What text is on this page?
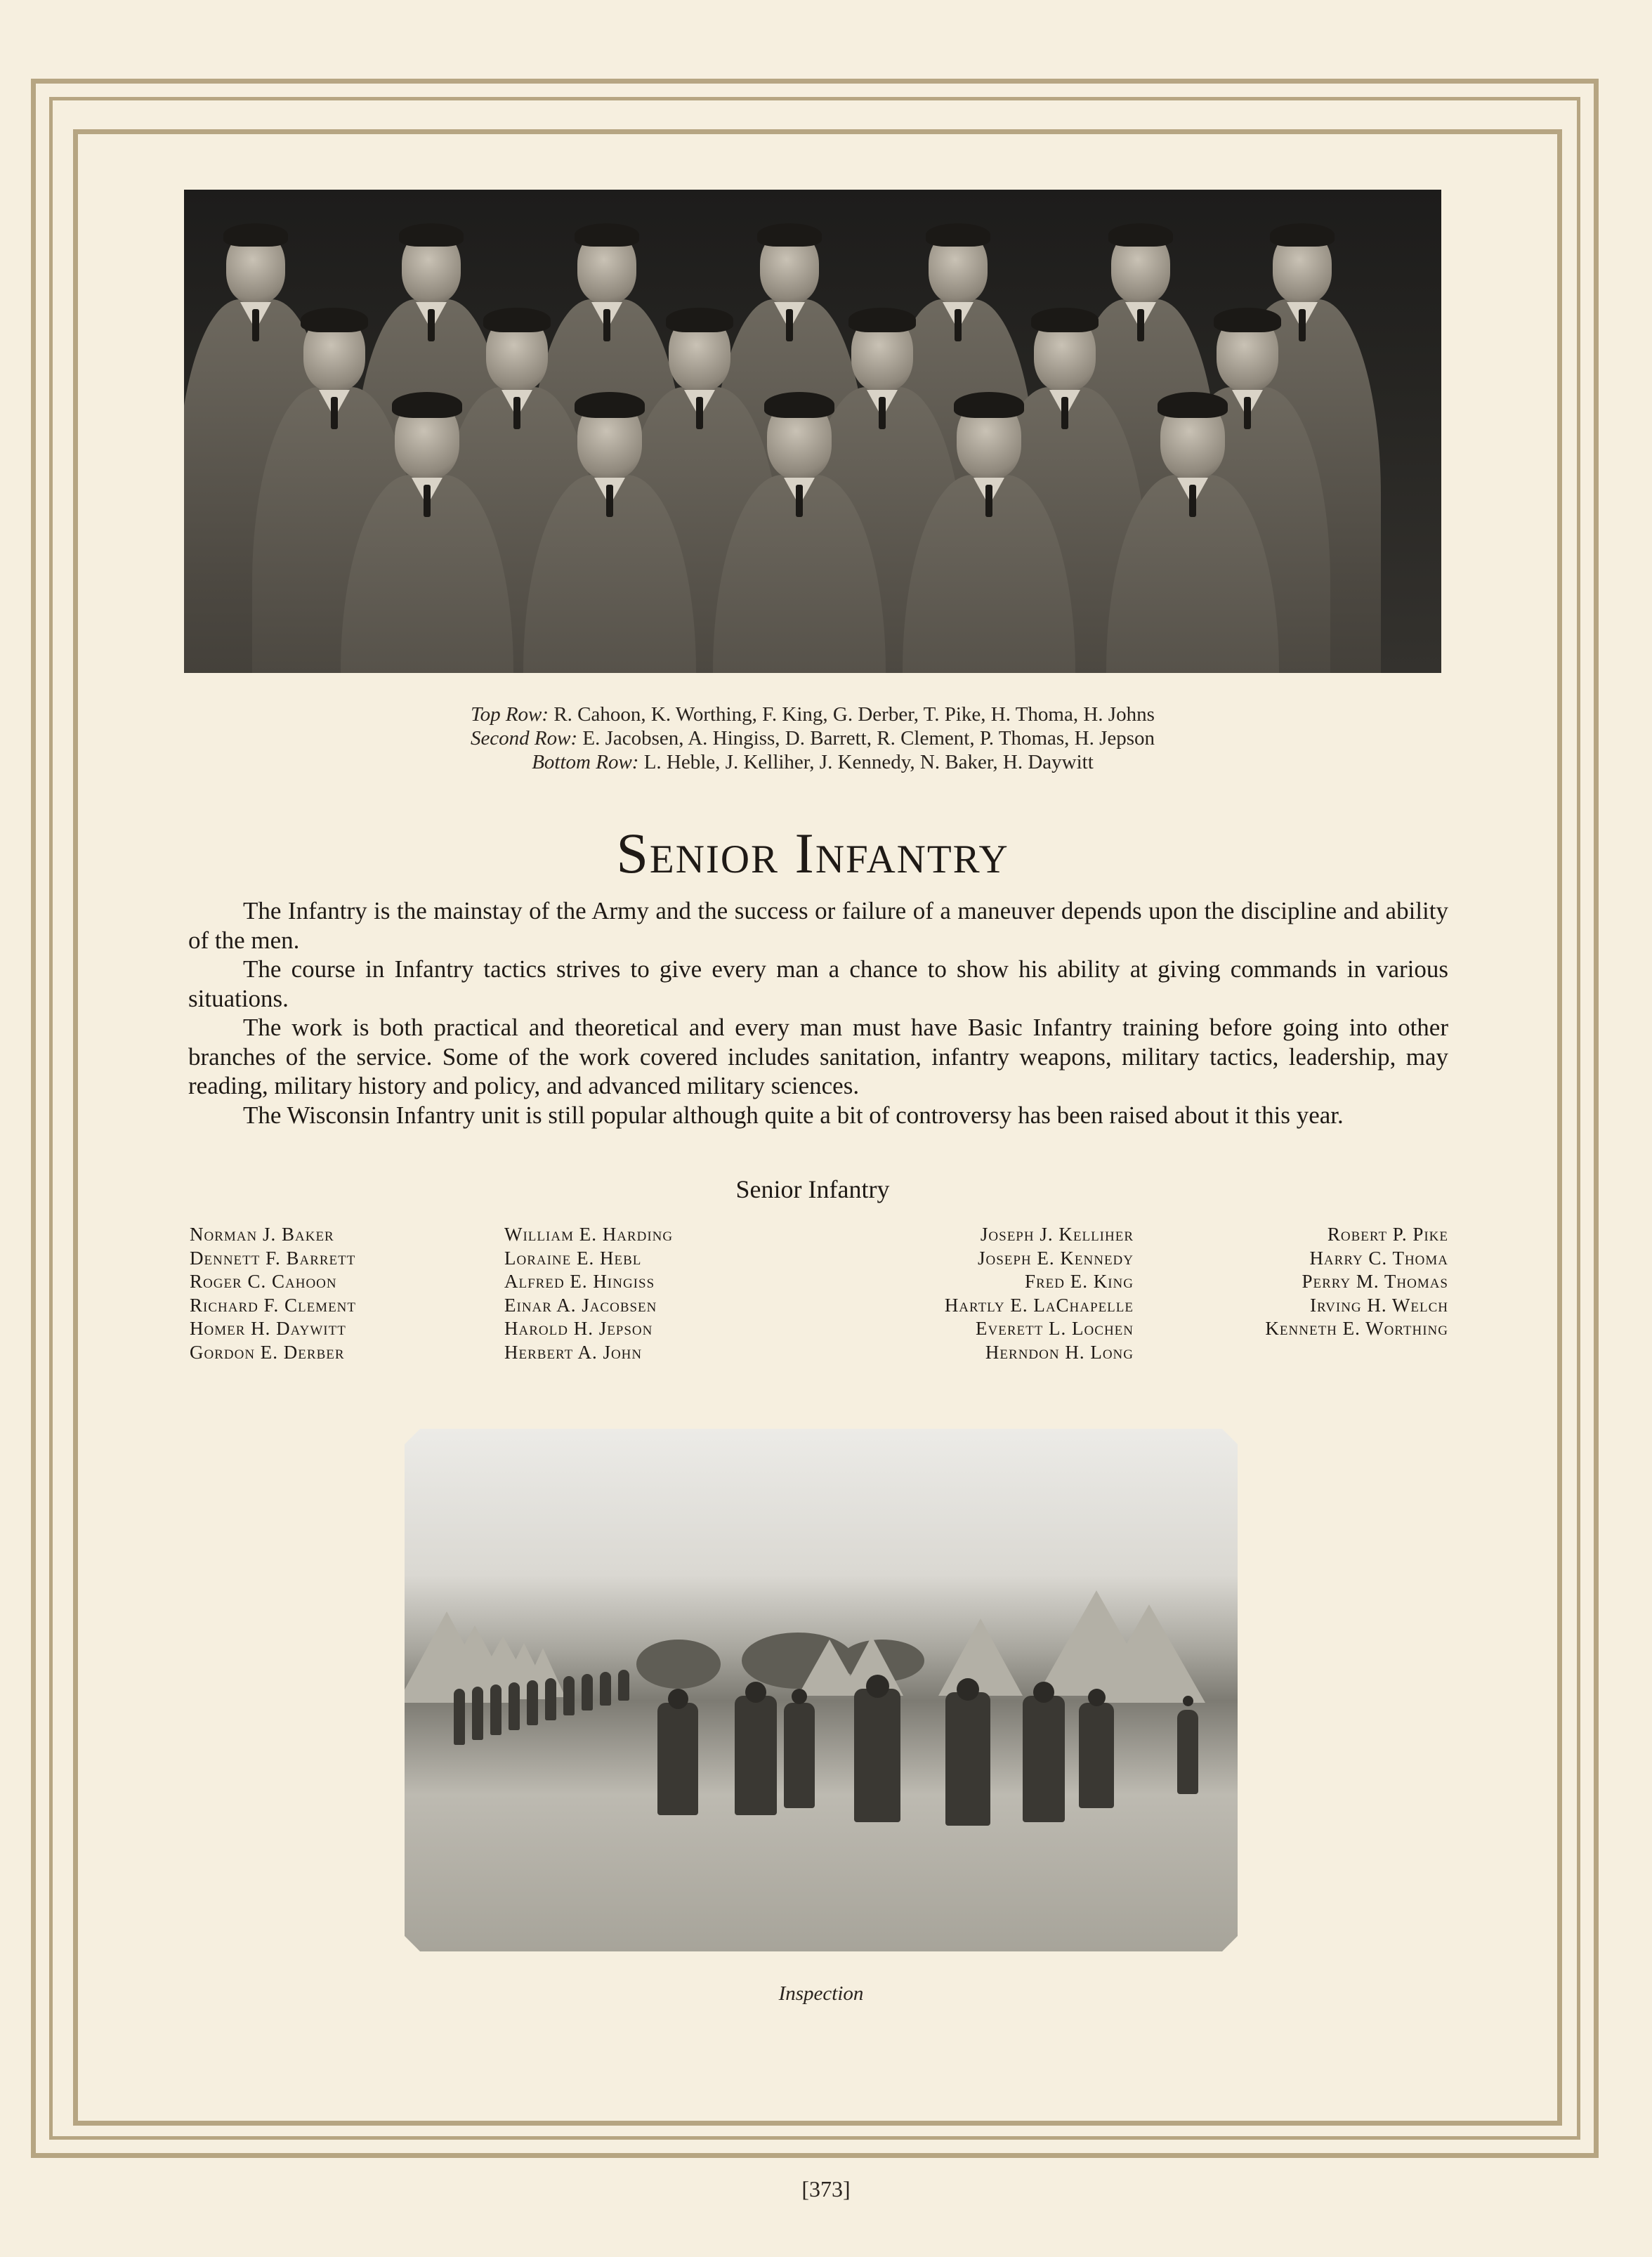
Top Row: R. Cahoon, K. Worthing, F. King, G. Derber, T. Pike, H. Thoma, H. Johns
Second Row: E. Jacobsen, A. Hingiss, D. Barrett, R. Clement, P. Thomas, H. Jepson
Bottom Row: L. Heble, J. Kelliher, J. Kennedy, N. Baker, H. Daywitt
Senior Infantry

The Infantry is the mainstay of the Army and the success or failure of a maneuver depends upon the discipline and ability of the men.

The course in Infantry tactics strives to give every man a chance to show his ability at giving commands in various situations.

The work is both practical and theoretical and every man must have Basic Infantry training before going into other branches of the service. Some of the work covered includes sanitation, infantry weapons, military tactics, leadership, may reading, military history and policy, and advanced military sciences.

The Wisconsin Infantry unit is still popular although quite a bit of controversy has been raised about it this year.

Senior Infantry
Norman J. Baker
Dennett F. Barrett
Roger C. Cahoon
Richard F. Clement
Homer H. Daywitt
Gordon E. Derber
William E. Harding
Loraine E. Hebl
Alfred E. Hingiss
Einar A. Jacobsen
Harold H. Jepson
Herbert A. John
Joseph J. Kelliher
Joseph E. Kennedy
Fred E. King
Hartly E. LaChapelle
Everett L. Lochen
Herndon H. Long
Robert P. Pike
Harry C. Thoma
Perry M. Thomas
Irving H. Welch
Kenneth E. Worthing
Inspection
[373]
